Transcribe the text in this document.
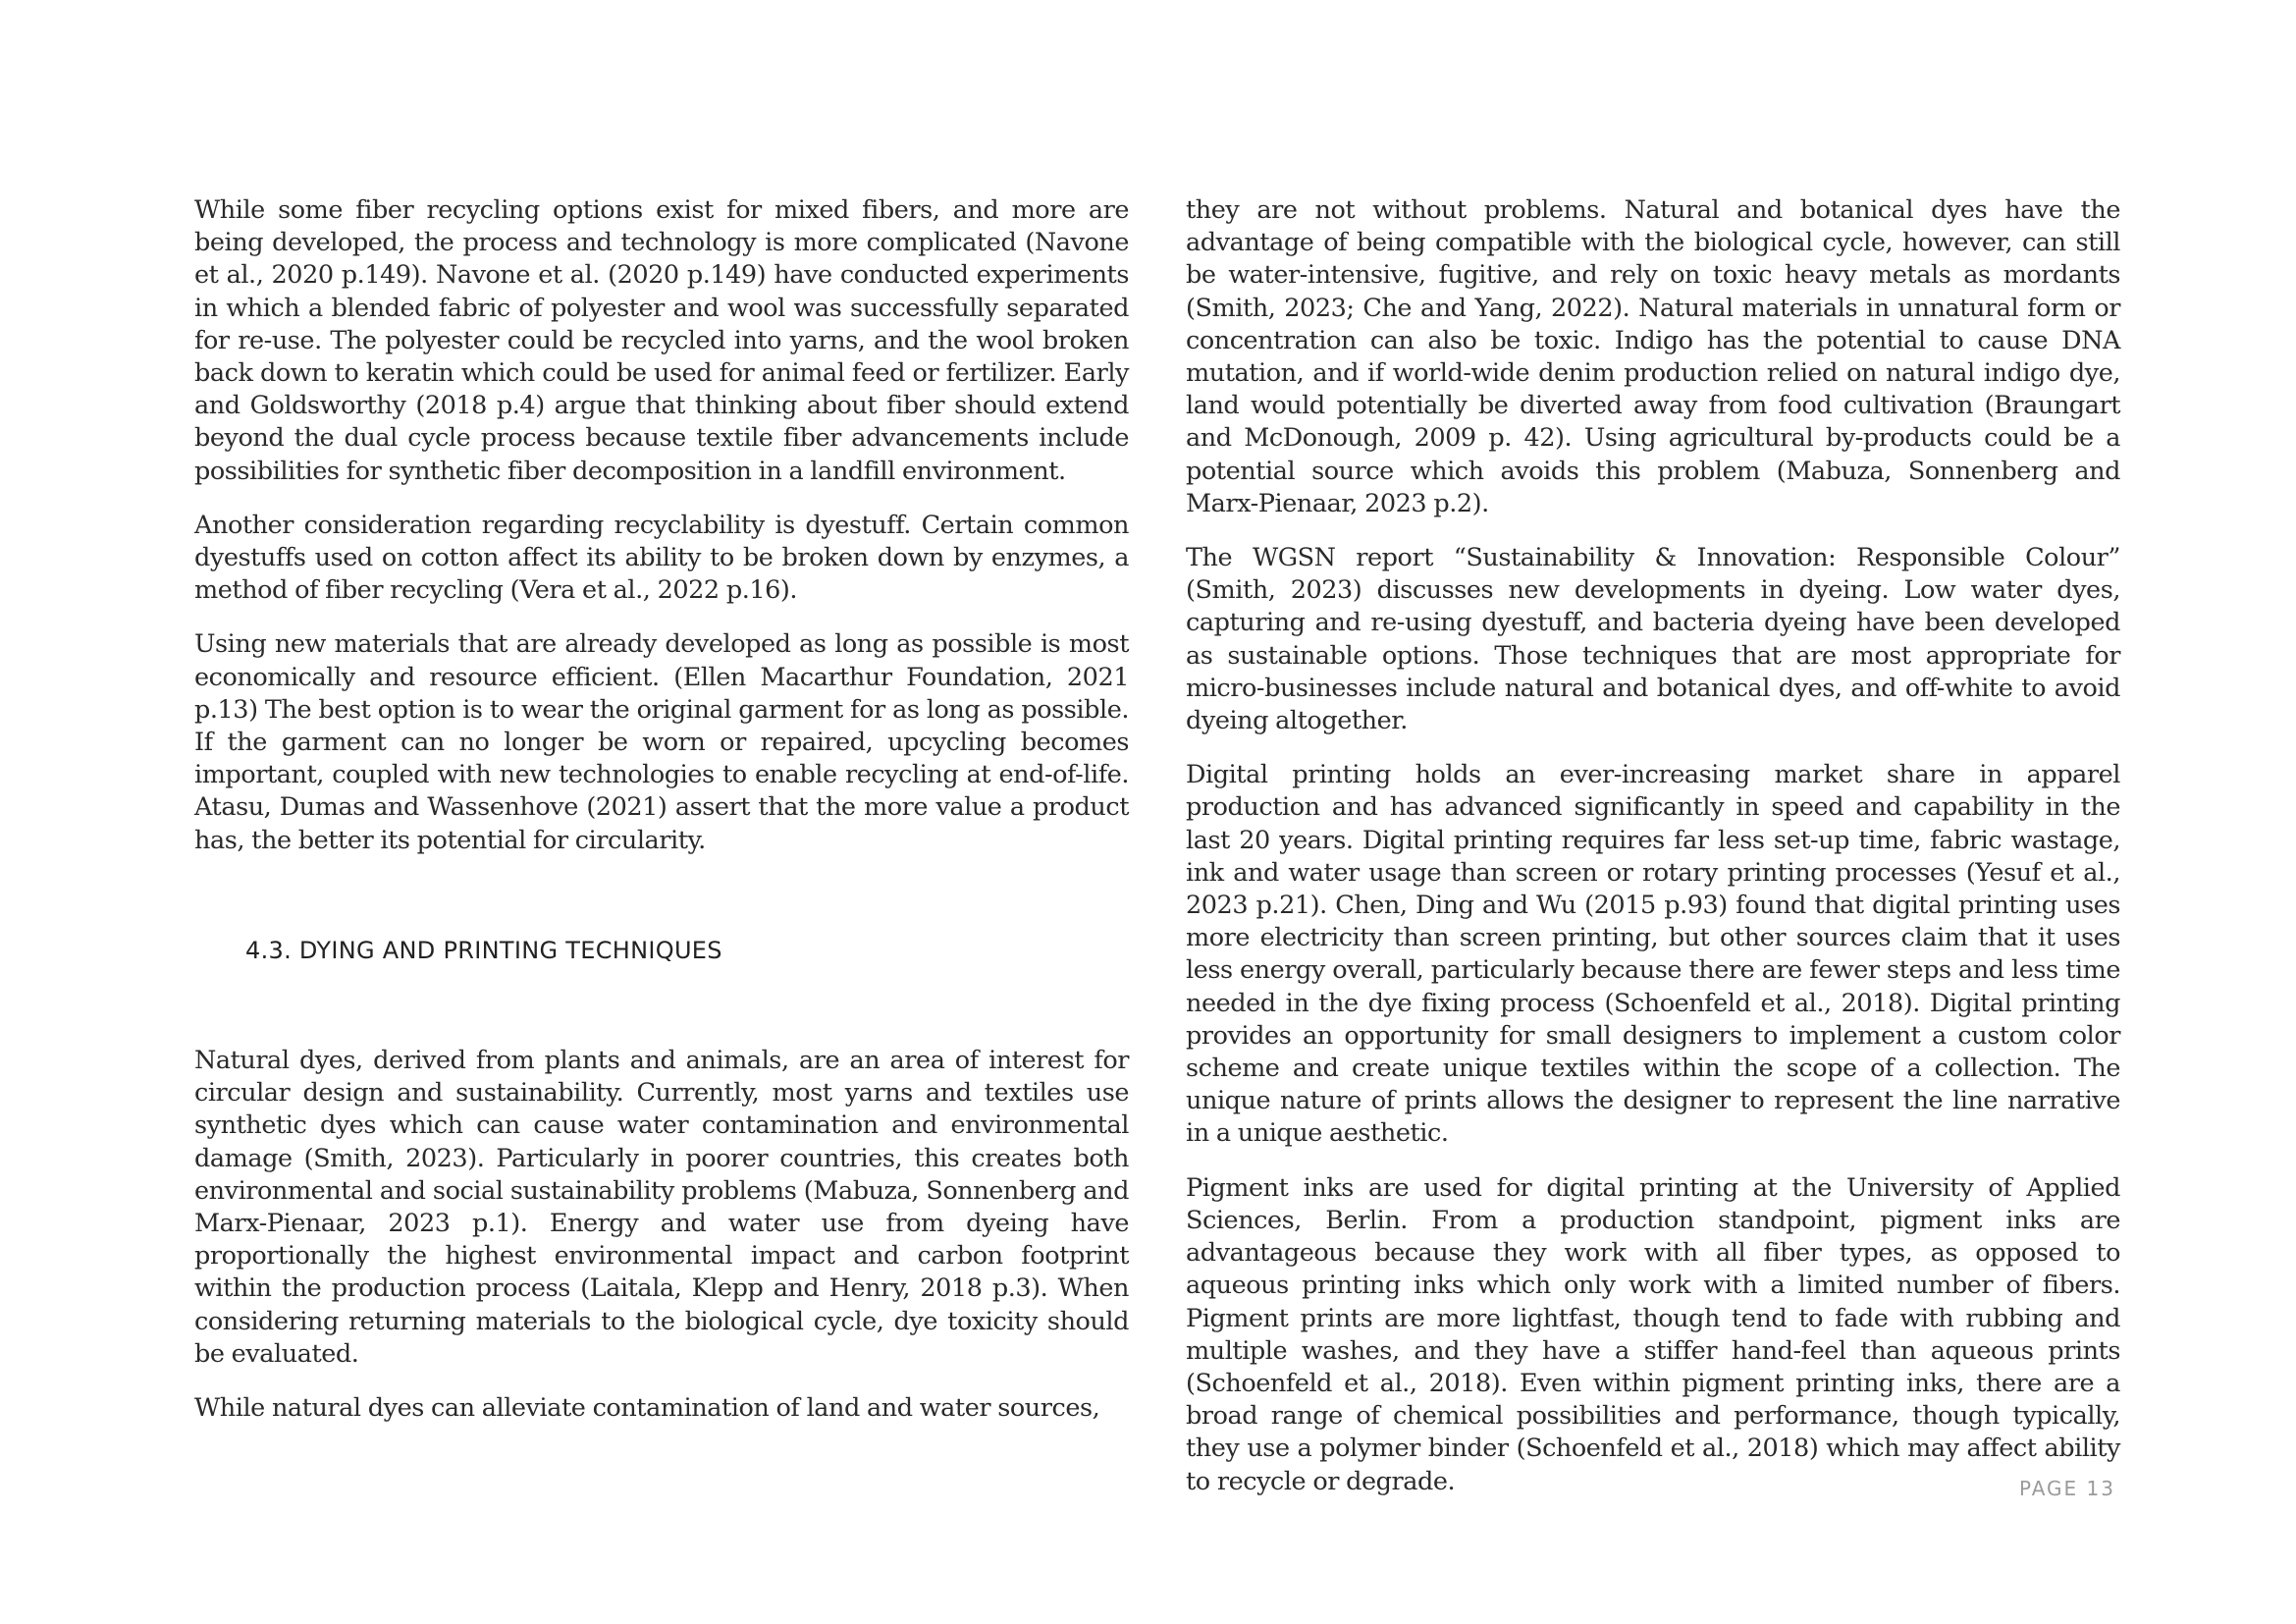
While some fiber recycling options exist for mixed fibers, and more are being developed, the process and technology is more complicated (Navone et al., 2020 p.149). Navone et al. (2020 p.149) have conducted experiments in which a blended fabric of polyester and wool was successfully separated for re-use. The polyester could be recycled into yarns, and the wool broken back down to keratin which could be used for animal feed or fertilizer. Early and Goldsworthy (2018 p.4) argue that thinking about fiber should extend beyond the dual cycle process because textile fiber advancements include possibilities for synthetic fiber decomposition in a landfill environment.

Another consideration regarding recyclability is dyestuff. Certain common dyestuffs used on cotton affect its ability to be broken down by enzymes, a method of fiber recycling (Vera et al., 2022 p.16).

Using new materials that are already developed as long as possible is most economically and resource efficient. (Ellen Macarthur Foundation, 2021 p.13) The best option is to wear the original garment for as long as possible. If the garment can no longer be worn or repaired, upcycling becomes important, coupled with new technologies to enable recycling at end-of-life. Atasu, Dumas and Wassenhove (2021) assert that the more value a product has, the better its potential for circularity.

4.3. DYING AND PRINTING TECHNIQUES

Natural dyes, derived from plants and animals, are an area of interest for circular design and sustainability. Currently, most yarns and textiles use synthetic dyes which can cause water contamination and environmental damage (Smith, 2023). Particularly in poorer countries, this creates both environmental and social sustainability problems (Mabuza, Sonnenberg and Marx-Pienaar, 2023 p.1). Energy and water use from dyeing have proportionally the highest environmental impact and carbon footprint within the production process (Laitala, Klepp and Henry, 2018 p.3). When considering returning materials to the biological cycle, dye toxicity should be evaluated.

While natural dyes can alleviate contamination of land and water sources,

they are not without problems. Natural and botanical dyes have the advantage of being compatible with the biological cycle, however, can still be water-intensive, fugitive, and rely on toxic heavy metals as mordants (Smith, 2023; Che and Yang, 2022). Natural materials in unnatural form or concentration can also be toxic. Indigo has the potential to cause DNA mutation, and if world-wide denim production relied on natural indigo dye, land would potentially be diverted away from food cultivation (Braungart and McDonough, 2009 p. 42). Using agricultural by-products could be a potential source which avoids this problem (Mabuza, Sonnenberg and Marx-Pienaar, 2023 p.2).

The WGSN report “Sustainability & Innovation: Responsible Colour” (Smith, 2023) discusses new developments in dyeing. Low water dyes, capturing and re-using dyestuff, and bacteria dyeing have been developed as sustainable options. Those techniques that are most appropriate for micro-businesses include natural and botanical dyes, and off-white to avoid dyeing altogether.

Digital printing holds an ever-increasing market share in apparel production and has advanced significantly in speed and capability in the last 20 years. Digital printing requires far less set-up time, fabric wastage, ink and water usage than screen or rotary printing processes (Yesuf et al., 2023 p.21). Chen, Ding and Wu (2015 p.93) found that digital printing uses more electricity than screen printing, but other sources claim that it uses less energy overall, particularly because there are fewer steps and less time needed in the dye fixing process (Schoenfeld et al., 2018). Digital printing provides an opportunity for small designers to implement a custom color scheme and create unique textiles within the scope of a collection. The unique nature of prints allows the designer to represent the line narrative in a unique aesthetic.

Pigment inks are used for digital printing at the University of Applied Sciences, Berlin. From a production standpoint, pigment inks are advantageous because they work with all fiber types, as opposed to aqueous printing inks which only work with a limited number of fibers. Pigment prints are more lightfast, though tend to fade with rubbing and multiple washes, and they have a stiffer hand-feel than aqueous prints (Schoenfeld et al., 2018). Even within pigment printing inks, there are a broad range of chemical possibilities and performance, though typically, they use a polymer binder (Schoenfeld et al., 2018) which may affect ability to recycle or degrade.	PAGE 13
